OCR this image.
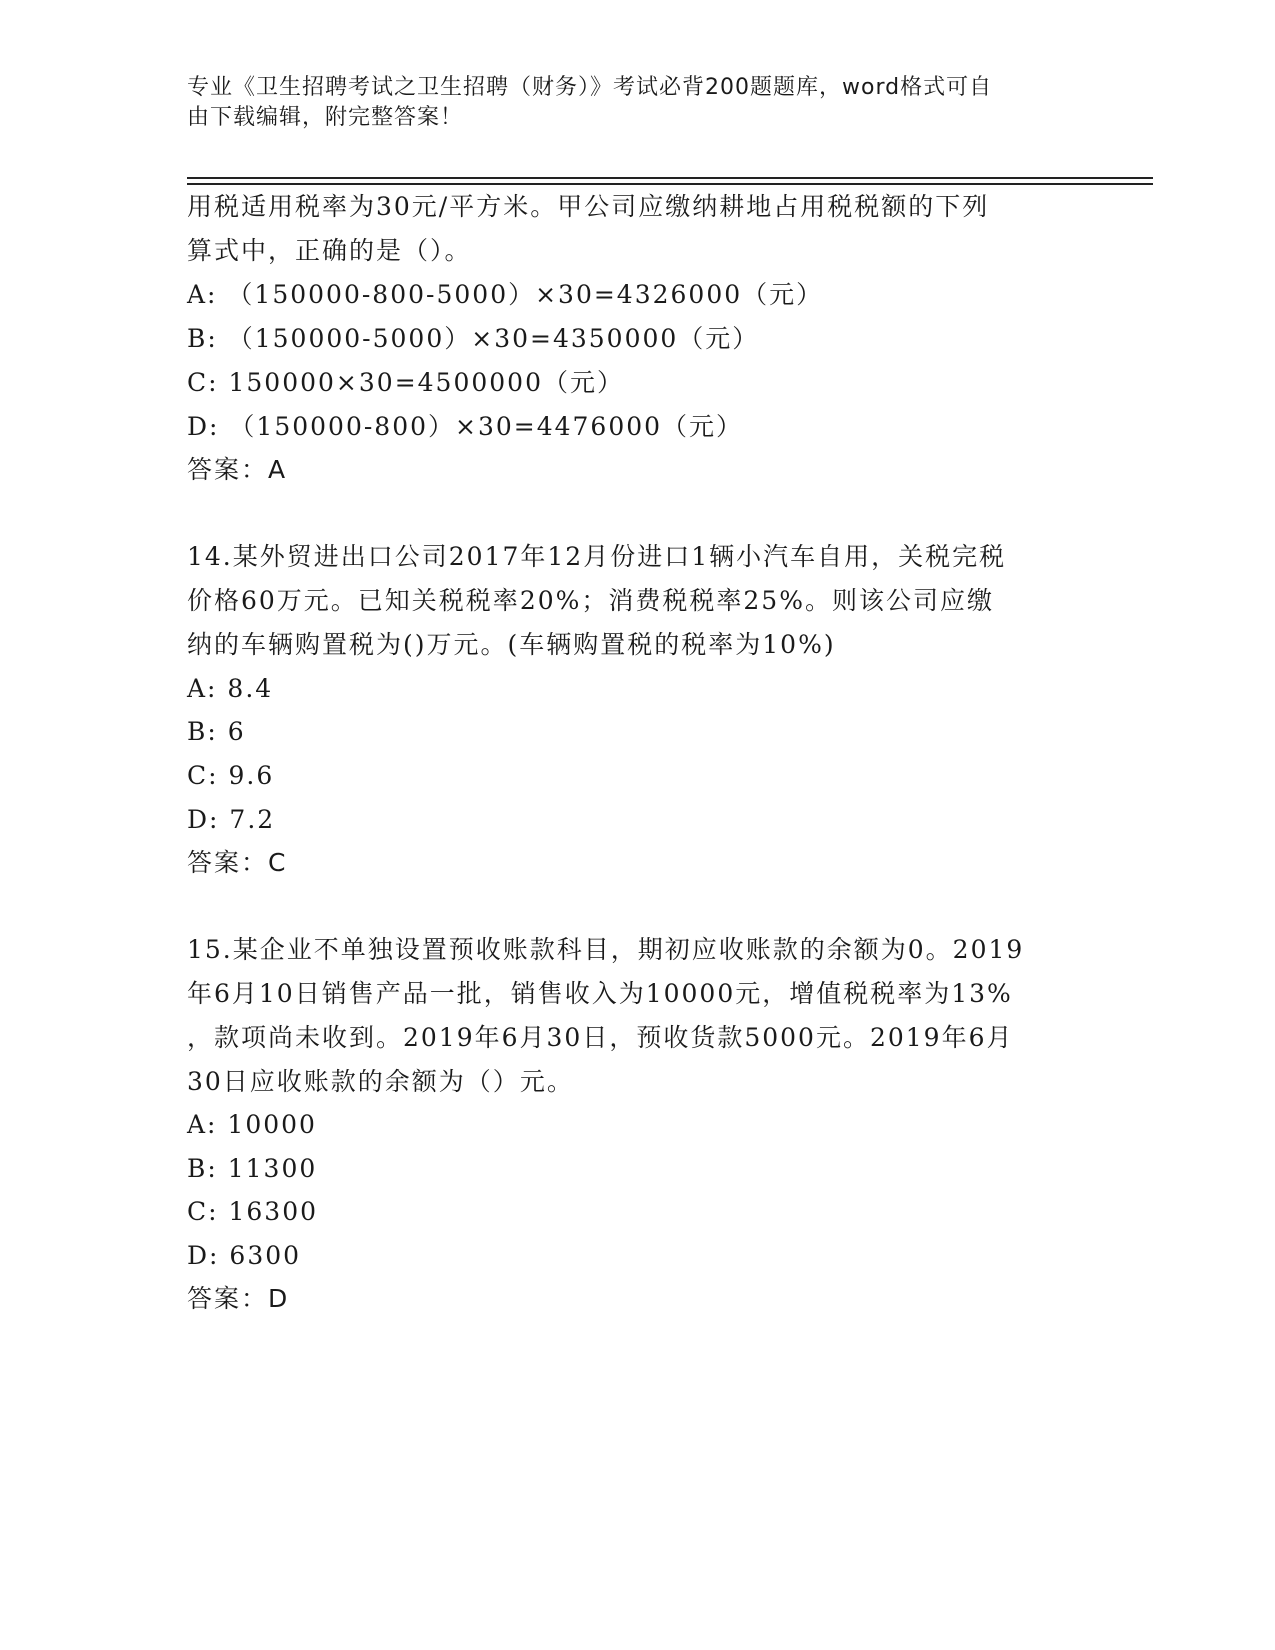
专业《卫生招聘考试之卫生招聘（财务）》考试必背200题题库，word格式可自
由下载编辑，附完整答案！
用税适用税率为30元/平方米。甲公司应缴纳耕地占用税税额的下列
算式中，正确的是（）。
A: （150000-800-5000）×30=4326000（元）
B: （150000-5000）×30=4350000（元）
C: 150000×30=4500000（元）
D: （150000-800）×30=4476000（元）
答案：A
14.某外贸进出口公司2017年12月份进口1辆小汽车自用，关税完税
价格60万元。已知关税税率20%；消费税税率25%。则该公司应缴
纳的车辆购置税为()万元。(车辆购置税的税率为10%)
A: 8.4
B: 6
C: 9.6
D: 7.2
答案：C
15.某企业不单独设置预收账款科目，期初应收账款的余额为0。2019
年6月10日销售产品一批，销售收入为10000元，增值税税率为13%
，款项尚未收到。2019年6月30日，预收货款5000元。2019年6月
30日应收账款的余额为（）元。
A: 10000
B: 11300
C: 16300
D: 6300
答案：D
